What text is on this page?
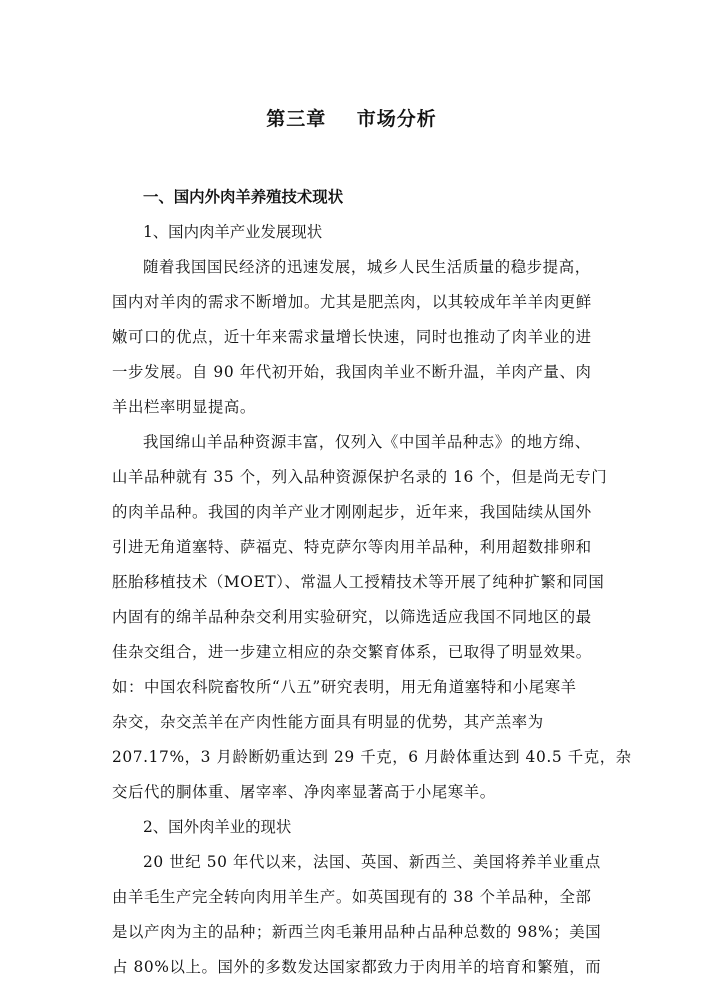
第三章    市场分析
一、国内外肉羊养殖技术现状
1、国内肉羊产业发展现状
随着我国国民经济的迅速发展，城乡人民生活质量的稳步提高，
国内对羊肉的需求不断增加。尤其是肥羔肉，以其较成年羊羊肉更鲜
嫩可口的优点，近十年来需求量增长快速，同时也推动了肉羊业的进
一步发展。自 90 年代初开始，我国肉羊业不断升温，羊肉产量、肉
羊出栏率明显提高。
我国绵山羊品种资源丰富，仅列入《中国羊品种志》的地方绵、
山羊品种就有 35 个，列入品种资源保护名录的 16 个，但是尚无专门
的肉羊品种。我国的肉羊产业才刚刚起步，近年来，我国陆续从国外
引进无角道塞特、萨福克、特克萨尔等肉用羊品种，利用超数排卵和
胚胎移植技术（MOET）、常温人工授精技术等开展了纯种扩繁和同国
内固有的绵羊品种杂交利用实验研究，以筛选适应我国不同地区的最
佳杂交组合，进一步建立相应的杂交繁育体系，已取得了明显效果。
如：中国农科院畜牧所“八五”研究表明，用无角道塞特和小尾寒羊
杂交，杂交羔羊在产肉性能方面具有明显的优势，其产羔率为
207.17%，3 月龄断奶重达到 29 千克，6 月龄体重达到 40.5 千克，杂
交后代的胴体重、屠宰率、净肉率显著高于小尾寒羊。
2、国外肉羊业的现状
20 世纪 50 年代以来，法国、英国、新西兰、美国将养羊业重点
由羊毛生产完全转向肉用羊生产。如英国现有的 38 个羊品种，全部
是以产肉为主的品种；新西兰肉毛兼用品种占品种总数的 98%；美国
占 80%以上。国外的多数发达国家都致力于肉用羊的培育和繁殖，而
